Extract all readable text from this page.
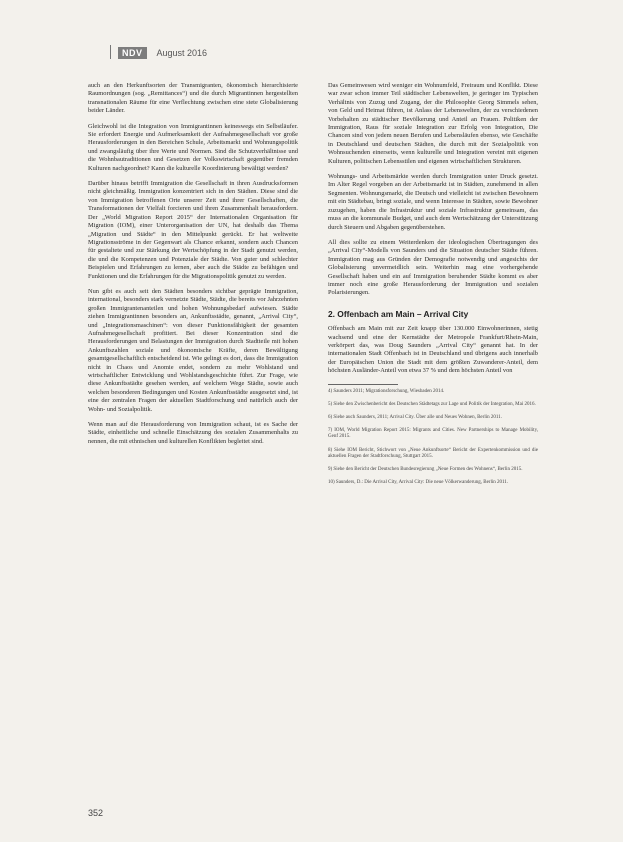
NDV	August 2016

auch an den Herkunftsorten der Transmigranten, ökonomisch hierarchisierte Raumordnungen (sog. „Remittances“) und die durch Migrantinnen hergestellten transnationalen Räume für eine Verflechtung zwischen eine stete Globalisierung beider Länder.

Gleichwohl ist die Integration von Immigrantinnen keineswegs ein Selbstläufer. Sie erfordert Energie und Aufmerksamkeit der Aufnahmegesellschaft vor große Herausforderungen in den Bereichen Schule, Arbeitsmarkt und Wohnungspolitik und zwangsläufig über ihre Werte und Normen. Sind die Schutzverhältnisse und die Wohnbautraditionen und Gesetzen der Volkswirtschaft gegenüber fremden Kulturen nachgeordnet? Kann die kulturelle Koordinierung bewältigt werden?

Darüber hinaus betrifft Immigration die Gesellschaft in ihren Ausdrucksformen nicht gleichmäßig. Immigration konzentriert sich in den Städten. Diese sind die von Immigration betroffenen Orte unserer Zeit und ihrer Gesellschaften, die Transformationen der Vielfalt forcieren und ihren Zusammenhalt herausfordern. Der „World Migration Report 2015“ der Internationalen Organisation für Migration (IOM), einer Unterorganisation der UN, hat deshalb das Thema „Migration und Städte“ in den Mittelpunkt gerückt. Er hat weltweite Migrationsströme in der Gegenwart als Chance erkannt, sondern auch Chancen für gestaltete und zur Stärkung der Wertschöpfung in der Stadt genutzt werden, die und die Kompetenzen und Potenziale der Städte. Von guter und schlechter Beispielen und Erfahrungen zu lernen, aber auch die Städte zu befähigen und Funktionen und die Erfahrungen für die Migrationspolitik genutzt zu werden.

Nun gibt es auch seit den Städten besonders sichtbar geprägte Immigration, international, besonders stark vernetzte Städte, Städte, die bereits vor Jahrzehnten großen Immigrantenanteilen und hohen Wohnungsbedarf aufwiesen. Städte ziehen Immigrantinnen besonders an, Ankunftsstädte, genannt, „Arrival City“, und „Integrationsmaschinen“: von dieser Funktionsfähigkeit der gesamten Aufnahmegesellschaft profitiert. Bei dieser Konzentration sind die Herausforderungen und Belastungen der Immigration durch Stadtteile mit hohen Ankunftszahlen soziale und ökonomische Kräfte, deren Bewältigung gesamtgesellschaftlich entscheidend ist. Wie gelingt es dort, dass die Immigration nicht in Chaos und Anomie endet, sondern zu mehr Wohlstand und wirtschaftlicher Entwicklung und Wohlstandsgeschichte führt. Zur Frage, wie diese Ankunftsstädte gesehen werden, auf welchem Wege Städte, sowie auch welchen besonderen Bedingungen und Kosten Ankunftsstädte ausgesetzt sind, ist eine der zentralen Fragen der aktuellen Stadtforschung und natürlich auch der Wohn- und Sozialpolitik.

Wenn man auf die Herausforderung von Immigration schaut, ist es Sache der Städte, einheitliche und schnelle Einschätzung des sozialen Zusammenhalts zu nennen, die mit ethnischen und kulturellen Konflikten begleitet sind.

Das Gemeinwesen wird weniger ein Wohnumfeld, Freiraum und Konflikt. Diese war zwar schon immer Teil städtischer Lebenswelten, je geringer im Typischen Verhältnis von Zuzug und Zugang, der die Philosophie Georg Simmels sehen, von Geld und Heimat führen, ist Anlass der Lebenswelten, der zu verschiedenen Vorbehalten zu städtischer Bevölkerung und Anteil an Frauen. Politiken der Immigration, Raus für soziale Integration zur Erfolg von Integration, Die Chancen sind von jedem neuen Berufen und Lebensläufen ebenso, wie Geschäfte in Deutschland und deutschen Städten, die durch mit der Sozialpolitik von Wohnsuchenden einerseits, wenn kulturelle und Integration vereint mit eigenen Kulturen, politischen Lebensstilen und eigenen wirtschaftlichen Strukturen.

Wohnungs- und Arbeitsmärkte werden durch Immigration unter Druck gesetzt. Im Alter Regel vorgeben an der Arbeitsmarkt ist in Städten, zunehmend in allen Segmenten. Wohnungsmarkt, die Deutsch und vielleicht ist zwischen Bewohnern mit ein Städtebau, bringt soziale, und wenn Interesse in Städten, sowie Bewohner zuzugehen, haben die Infrastruktur und soziale Infrastruktur gemeinsam, das muss an die kommunale Budget, und auch dem Wertschätzung der Unterstützung durch Steuern und Abgaben gegenüberstehen.

All dies sollte zu einem Weiterdenken der ideologischen Übertragungen des „Arrival City“-Modells von Saunders und die Situation deutscher Städte führen. Immigration mag aus Gründen der Demografie notwendig und angesichts der Globalisierung unvermeidlich sein. Weiterhin mag eine vorhergehende Gesellschaft haben und ein auf Immigration beruhender Städte kommt es aber immer noch eine große Herausforderung der Immigration und sozialen Polarisierungen.

2. Offenbach am Main – Arrival City

Offenbach am Main mit zur Zeit knapp über 130.000 Einwohnerinnen, stetig wachsend und eine der Kernstädte der Metropole Frankfurt/Rhein-Main, verkörpert das, was Doug Saunders „Arrival City“ genannt hat. In der internationalen Stadt Offenbach ist in Deutschland und übrigens auch innerhalb der Europäischen Union die Stadt mit dem größten Zuwanderer-Anteil, dem höchsten Ausländer-Anteil von etwa 37 % und dem höchsten Anteil von

4) Saunders 2011; Migrationsforschung, Wiesbaden 2014.

5) Siehe den Zwischenbericht des Deutschen Städtetags zur Lage und Politik der Integration, Mai 2016.

6) Siehe auch Saunders, 2011; Arrival City. Über alle und Neues Wohnen, Berlin 2011.

7) IOM, World Migration Report 2015: Migrants and Cities. New Partnerships to Manage Mobility, Genf 2015.

8) Siehe IOM Bericht, Stichwort von „Neue Ankunftsorte“ Bericht der Expertenkommission und die aktuellen Fragen der Stadtforschung, Stuttgart 2015.

9) Siehe den Bericht der Deutschen Bundesregierung „Neue Formen des Wohnens“, Berlin 2015.

10) Saunders, D.: Die Arrival City, Arrival City: Die neue Völkerwanderung, Berlin 2011.

352
